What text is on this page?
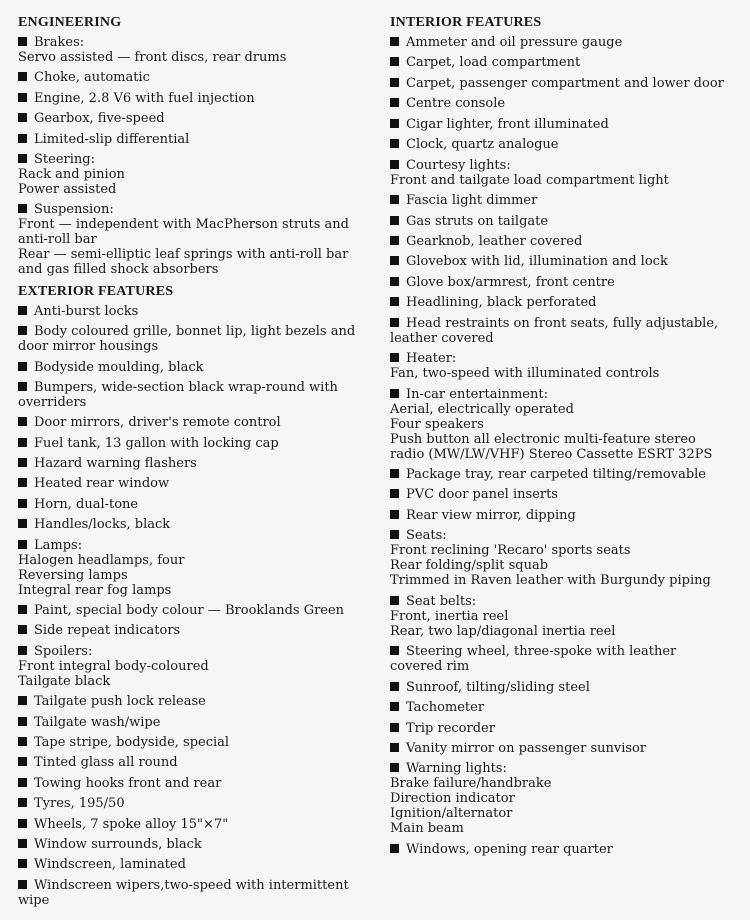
ENGINEERING
Brakes:
Servo assisted — front discs, rear drums
Choke, automatic
Engine, 2.8 V6 with fuel injection
Gearbox, five-speed
Limited-slip differential
Steering:
Rack and pinion
Power assisted
Suspension:
Front — independent with MacPherson struts and anti-roll bar
Rear — semi-elliptic leaf springs with anti-roll bar and gas filled shock absorbers
EXTERIOR FEATURES
Anti-burst locks
Body coloured grille, bonnet lip, light bezels and door mirror housings
Bodyside moulding, black
Bumpers, wide-section black wrap-round with overriders
Door mirrors, driver's remote control
Fuel tank, 13 gallon with locking cap
Hazard warning flashers
Heated rear window
Horn, dual-tone
Handles/locks, black
Lamps:
Halogen headlamps, four
Reversing lamps
Integral rear fog lamps
Paint, special body colour — Brooklands Green
Side repeat indicators
Spoilers:
Front integral body-coloured
Tailgate black
Tailgate push lock release
Tailgate wash/wipe
Tape stripe, bodyside, special
Tinted glass all round
Towing hooks front and rear
Tyres, 195/50
Wheels, 7 spoke alloy 15"×7"
Window surrounds, black
Windscreen, laminated
Windscreen wipers,two-speed with intermittent wipe
INTERIOR FEATURES
Ammeter and oil pressure gauge
Carpet, load compartment
Carpet, passenger compartment and lower door
Centre console
Cigar lighter, front illuminated
Clock, quartz analogue
Courtesy lights:
Front and tailgate load compartment light
Fascia light dimmer
Gas struts on tailgate
Gearknob, leather covered
Glovebox with lid, illumination and lock
Glove box/armrest, front centre
Headlining, black perforated
Head restraints on front seats, fully adjustable, leather covered
Heater:
Fan, two-speed with illuminated controls
In-car entertainment:
Aerial, electrically operated
Four speakers
Push button all electronic multi-feature stereo radio (MW/LW/VHF) Stereo Cassette ESRT 32PS
Package tray, rear carpeted tilting/removable
PVC door panel inserts
Rear view mirror, dipping
Seats:
Front reclining 'Recaro' sports seats
Rear folding/split squab
Trimmed in Raven leather with Burgundy piping
Seat belts:
Front, inertia reel
Rear, two lap/diagonal inertia reel
Steering wheel, three-spoke with leather covered rim
Sunroof, tilting/sliding steel
Tachometer
Trip recorder
Vanity mirror on passenger sunvisor
Warning lights:
Brake failure/handbrake
Direction indicator
Ignition/alternator
Main beam
Windows, opening rear quarter
